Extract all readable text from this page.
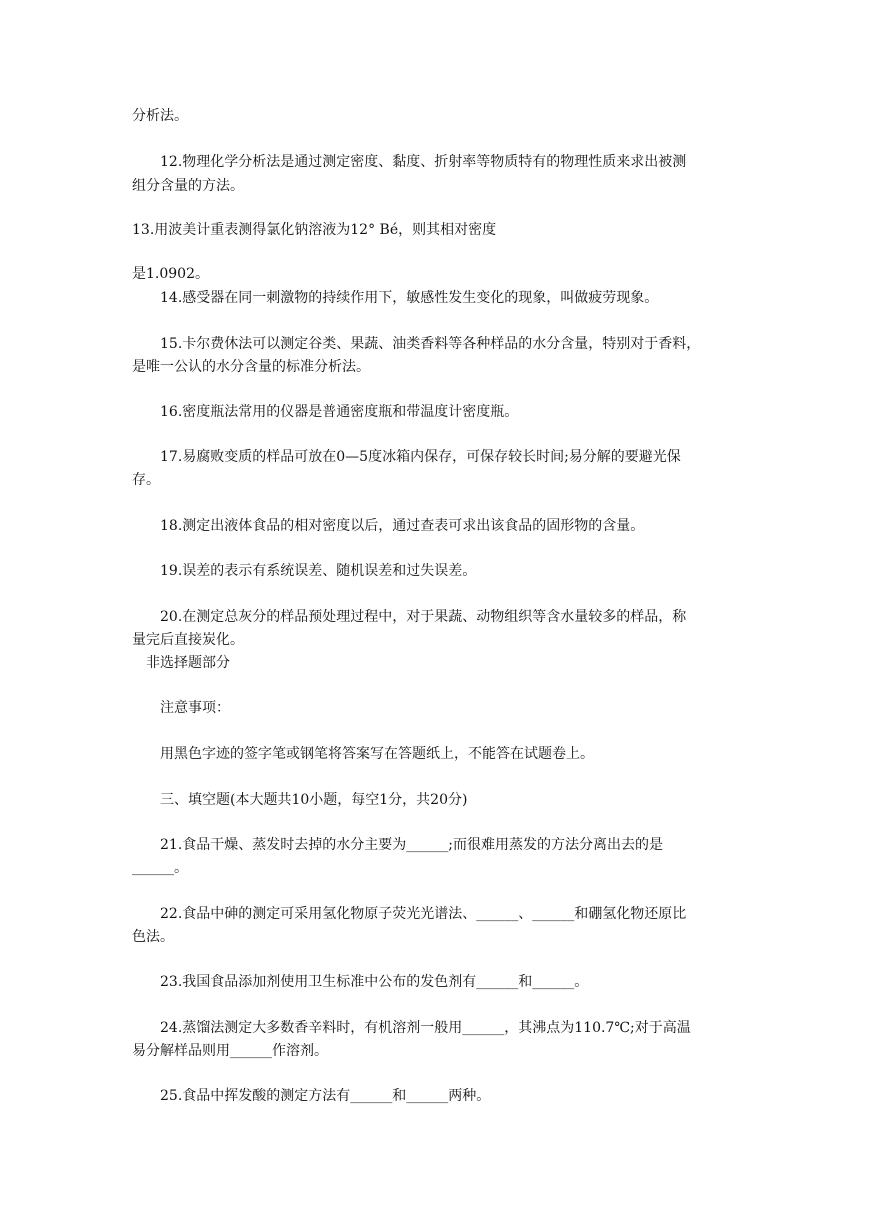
分析法。
12.物理化学分析法是通过测定密度、黏度、折射率等物质特有的物理性质来求出被测
组分含量的方法。
13.用波美计重表测得氯化钠溶液为12° Bé，则其相对密度
是1.0902。
14.感受器在同一刺激物的持续作用下，敏感性发生变化的现象，叫做疲劳现象。
15.卡尔费休法可以测定谷类、果蔬、油类香料等各种样品的水分含量，特别对于香料，
是唯一公认的水分含量的标准分析法。
16.密度瓶法常用的仪器是普通密度瓶和带温度计密度瓶。
17.易腐败变质的样品可放在0—5度冰箱内保存，可保存较长时间;易分解的要避光保
存。
18.测定出液体食品的相对密度以后，通过查表可求出该食品的固形物的含量。
19.误差的表示有系统误差、随机误差和过失误差。
20.在测定总灰分的样品预处理过程中，对于果蔬、动物组织等含水量较多的样品，称
量完后直接炭化。
非选择题部分
注意事项：
用黑色字迹的签字笔或钢笔将答案写在答题纸上，不能答在试题卷上。
三、填空题(本大题共10小题，每空1分，共20分)
21.食品干燥、蒸发时去掉的水分主要为______;而很难用蒸发的方法分离出去的是
______。
22.食品中砷的测定可采用氢化物原子荧光光谱法、______、______和硼氢化物还原比
色法。
23.我国食品添加剂使用卫生标准中公布的发色剂有______和______。
24.蒸馏法测定大多数香辛料时，有机溶剂一般用______，其沸点为110.7℃;对于高温
易分解样品则用______作溶剂。
25.食品中挥发酸的测定方法有______和______两种。
